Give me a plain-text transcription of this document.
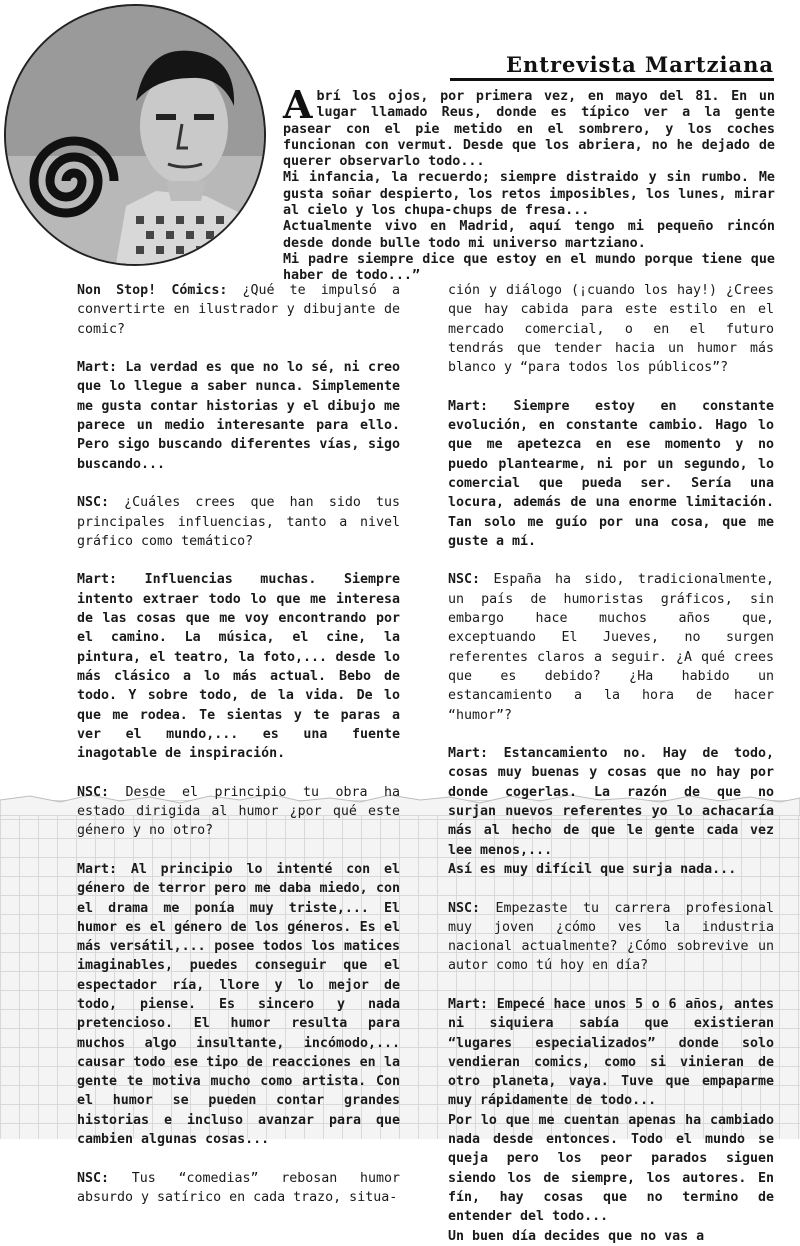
Entrevista Martziana
Abrí los ojos, por primera vez, en mayo del 81. En un lugar llamado Reus, donde es típico ver a la gente pasear con el pie metido en el sombrero, y los coches funcionan con vermut. Desde que los abriera, no he dejado de querer observarlo todo...
Mi infancia, la recuerdo; siempre distraido y sin rumbo. Me gusta soñar despierto, los retos imposibles, los lunes, mirar al cielo y los chupa-chups de fresa...
Actualmente vivo en Madrid, aquí tengo mi pequeño rincón desde donde bulle todo mi universo martziano.
Mi padre siempre dice que estoy en el mundo porque tiene que haber de todo...”

Non Stop! Cómics: ¿Qué te impulsó a convertirte en ilustrador y dibujante de comic?

Mart: La verdad es que no lo sé, ni creo que lo llegue a saber nunca. Simplemente me gusta contar historias y el dibujo me parece un medio interesante para ello. Pero sigo buscando diferentes vías, sigo buscando...

NSC: ¿Cuáles crees que han sido tus principales influencias, tanto a nivel gráfico como temático?

Mart: Influencias muchas. Siempre intento extraer todo lo que me interesa de las cosas que me voy encontrando por el camino. La música, el cine, la pintura, el teatro, la foto,... desde lo más clásico a lo más actual. Bebo de todo. Y sobre todo, de la vida. De lo que me rodea. Te sientas y te paras a ver el mundo,... es una fuente inagotable de inspiración.

NSC: Desde el principio tu obra ha estado dirigida al humor ¿por qué este género y no otro?

Mart: Al principio lo intenté con el género de terror pero me daba miedo, con el drama me ponía muy triste,... El humor es el género de los géneros. Es el más versátil,... posee todos los matices imaginables, puedes conseguir que el espectador ría, llore y lo mejor de todo, piense. Es sincero y nada pretencioso. El humor resulta para muchos algo insultante, incómodo,... causar todo ese tipo de reacciones en la gente te motiva mucho como artista. Con el humor se pueden contar grandes historias e incluso avanzar para que cambien algunas cosas...

NSC: Tus “comedias” rebosan humor absurdo y satírico en cada trazo, situa-

ción y diálogo (¡cuando los hay!) ¿Crees que hay cabida para este estilo en el mercado comercial, o en el futuro tendrás que tender hacia un humor más blanco y “para todos los públicos”?

Mart: Siempre estoy en constante evolución, en constante cambio. Hago lo que me apetezca en ese momento y no puedo plantearme, ni por un segundo, lo comercial que pueda ser. Sería una locura, además de una enorme limitación. Tan solo me guío por una cosa, que me guste a mí.

NSC: España ha sido, tradicionalmente, un país de humoristas gráficos, sin embargo hace muchos años que, exceptuando El Jueves, no surgen referentes claros a seguir. ¿A qué crees que es debido? ¿Ha habido un estancamiento a la hora de hacer “humor”?

Mart: Estancamiento no. Hay de todo, cosas muy buenas y cosas que no hay por donde cogerlas. La razón de que no surjan nuevos referentes yo lo achacaría más al hecho de que le gente cada vez lee menos,...
Así es muy difícil que surja nada...

NSC: Empezaste tu carrera profesional muy joven ¿cómo ves la industria nacional actualmente? ¿Cómo sobrevive un autor como tú hoy en día?

Mart: Empecé hace unos 5 o 6 años, antes ni siquiera sabía que existieran “lugares especializados” donde solo vendieran comics, como si vinieran de otro planeta, vaya. Tuve que empaparme muy rápidamente de todo...
Por lo que me cuentan apenas ha cambiado nada desde entonces. Todo el mundo se queja pero los peor parados siguen siendo los de siempre, los autores. En fín, hay cosas que no termino de entender del todo...
Un buen día decides que no vas a
